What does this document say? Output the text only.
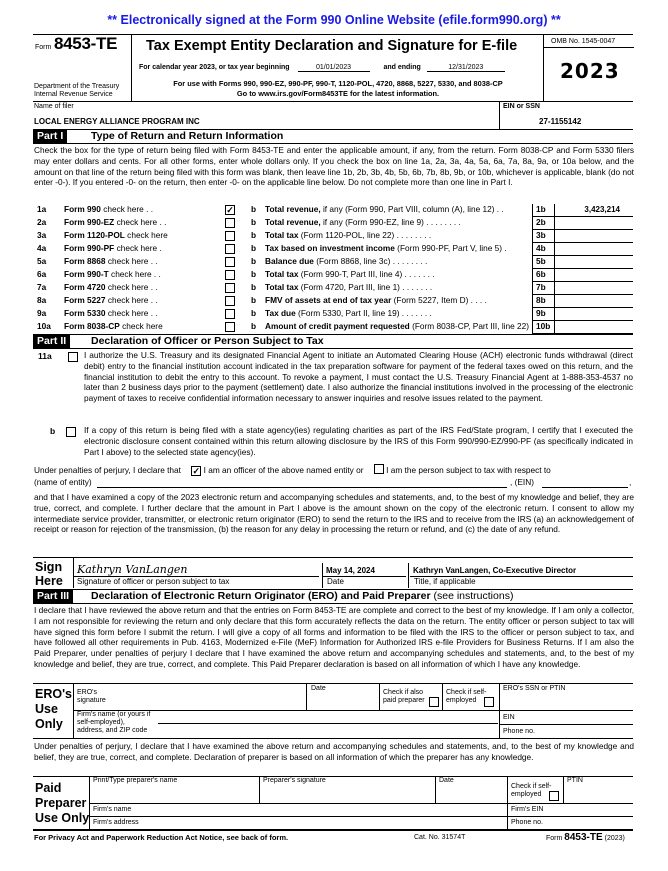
** Electronically signed at the Form 990 Online Website (efile.form990.org) **
Form 8453-TE
Department of the Treasury
Internal Revenue Service
Tax Exempt Entity Declaration and Signature for E-file
For calendar year 2023, or tax year beginning	01/01/2023	and ending	12/31/2023
For use with Forms 990, 990-EZ, 990-PF, 990-T, 1120-POL, 4720, 8868, 5227, 5330, and 8038-CP
Go to www.irs.gov/Form8453TE for the latest information.
OMB No. 1545-0047
2023
Name of filer	EIN or SSN
LOCAL ENERGY ALLIANCE PROGRAM INC	27-1155142
Part I	Type of Return and Return Information
Check the box for the type of return being filed with Form 8453-TE and enter the applicable amount, if any, from the return. Form 8038-CP and Form 5330 filers may enter dollars and cents. For all other forms, enter whole dollars only. If you check the box on line 1a, 2a, 3a, 4a, 5a, 6a, 7a, 8a, 9a, or 10a below, and the amount on that line of the return being filed with this form was blank, then leave line 1b, 2b, 3b, 4b, 5b, 6b, 7b, 8b, 9b, or 10b, whichever is applicable, blank (do not enter -0-). If you entered -0- on the return, then enter -0- on the applicable line below. Do not complete more than one line in Part I.
1a	Form 990 check here . .	✓ b Total revenue, if any (Form 990, Part VIII, column (A), line 12) . .	1b	3,423,214
2a	Form 990-EZ check here . .	b Total revenue, if any (Form 990-EZ, line 9) . . . . . . . .	2b
3a	Form 1120-POL check here	b Total tax (Form 1120-POL, line 22) . . . . . . . .	3b
4a	Form 990-PF check here .	b Tax based on investment income (Form 990-PF, Part V, line 5) .	4b
5a	Form 8868 check here . .	b Balance due (Form 8868, line 3c) . . . . . . . .	5b
6a	Form 990-T check here . .	b Total tax (Form 990-T, Part III, line 4) . . . . . . .	6b
7a	Form 4720 check here . .	b Total tax (Form 4720, Part III, line 1) . . . . . . .	7b
8a	Form 5227 check here . .	b FMV of assets at end of tax year (Form 5227, Item D) . . . .	8b
9a	Form 5330 check here . .	b Tax due (Form 5330, Part II, line 19) . . . . . . .	9b
10a	Form 8038-CP check here	b Amount of credit payment requested (Form 8038-CP, Part III, line 22) 10b
Part II	Declaration of Officer or Person Subject to Tax
11a	I authorize the U.S. Treasury and its designated Financial Agent to initiate an Automated Clearing House (ACH) electronic funds withdrawal (direct debit) entry to the financial institution account indicated in the tax preparation software for payment of the federal taxes owed on this return, and the financial institution to debit the entry to this account. To revoke a payment, I must contact the U.S. Treasury Financial Agent at 1-888-353-4537 no later than 2 business days prior to the payment (settlement) date. I also authorize the financial institutions involved in the processing of the electronic payment of taxes to receive confidential information necessary to answer inquiries and resolve issues related to the payment.
b	If a copy of this return is being filed with a state agency(ies) regulating charities as part of the IRS Fed/State program, I certify that I executed the electronic disclosure consent contained within this return allowing disclosure by the IRS of this Form 990/990-EZ/990-PF (as specifically indicated in Part I above) to the selected state agency(ies).
Under penalties of perjury, I declare that ✓ I am an officer of the above named entity or	I am the person subject to tax with respect to
(name of entity)	, (EIN)	,
and that I have examined a copy of the 2023 electronic return and accompanying schedules and statements, and, to the best of my knowledge and belief, they are true, correct, and complete. I further declare that the amount in Part I above is the amount shown on the copy of the electronic return. I consent to allow my intermediate service provider, transmitter, or electronic return originator (ERO) to send the return to the IRS and to receive from the IRS (a) an acknowledgement of receipt or reason for rejection of the transmission, (b) the reason for any delay in processing the return or refund, and (c) the date of any refund.
Sign
Here
Kathryn VanLangen	May 14, 2024	Kathryn VanLangen, Co-Executive Director
Signature of officer or person subject to tax	Date	Title, if applicable
Part III	Declaration of Electronic Return Originator (ERO) and Paid Preparer (see instructions)
I declare that I have reviewed the above return and that the entries on Form 8453-TE are complete and correct to the best of my knowledge. If I am only a collector, I am not responsible for reviewing the return and only declare that this form accurately reflects the data on the return. The entity officer or person subject to tax will have signed this form before I submit the return. I will give a copy of all forms and information to be filed with the IRS to the officer or person subject to tax, and have followed all other requirements in Pub. 4163, Modernized e-File (MeF) Information for Authorized IRS e-file Providers for Business Returns. If I am also the Paid Preparer, under penalties of perjury I declare that I have examined the above return and accompanying schedules and statements, and, to the best of my knowledge and belief, they are true, correct, and complete. This Paid Preparer declaration is based on all information of which I have any knowledge.
ERO's
Use
Only
ERO's
signature
Date
Check if also
paid preparer
Check if self-
employed
ERO's SSN or PTIN
Firm's name (or yours if
self-employed),
address, and ZIP code
EIN
Phone no.
Under penalties of perjury, I declare that I have examined the above return and accompanying schedules and statements, and, to the best of my knowledge and belief, they are true, correct, and complete. Declaration of preparer is based on all information of which the preparer has any knowledge.
Paid
Preparer
Use Only
Print/Type preparer's name	Preparer's signature	Date
Check if self-
employed
PTIN
Firm's name	Firm's EIN
Firm's address	Phone no.
For Privacy Act and Paperwork Reduction Act Notice, see back of form.	Cat. No. 31574T	Form 8453-TE (2023)
